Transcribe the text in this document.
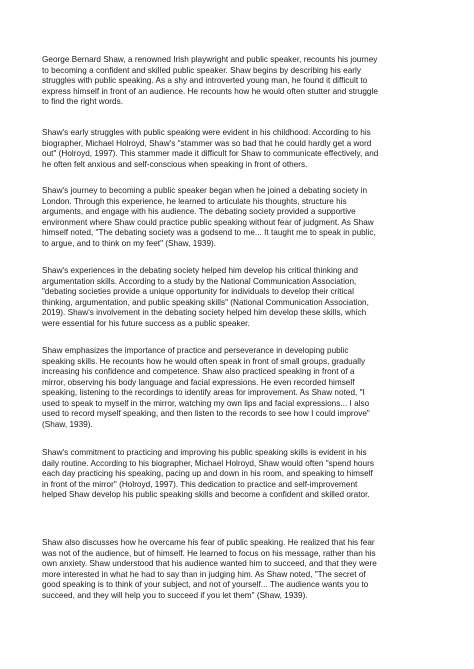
George Bernard Shaw, a renowned Irish playwright and public speaker, recounts his journey
to becoming a confident and skilled public speaker. Shaw begins by describing his early
struggles with public speaking. As a shy and introverted young man, he found it difficult to
express himself in front of an audience. He recounts how he would often stutter and struggle
to find the right words.
Shaw's early struggles with public speaking were evident in his childhood. According to his
biographer, Michael Holroyd, Shaw's "stammer was so bad that he could hardly get a word
out" (Holroyd, 1997). This stammer made it difficult for Shaw to communicate effectively, and
he often felt anxious and self-conscious when speaking in front of others.
Shaw's journey to becoming a public speaker began when he joined a debating society in
London. Through this experience, he learned to articulate his thoughts, structure his
arguments, and engage with his audience. The debating society provided a supportive
environment where Shaw could practice public speaking without fear of judgment. As Shaw
himself noted, "The debating society was a godsend to me... It taught me to speak in public,
to argue, and to think on my feet" (Shaw, 1939).
Shaw's experiences in the debating society helped him develop his critical thinking and
argumentation skills. According to a study by the National Communication Association,
"debating societies provide a unique opportunity for individuals to develop their critical
thinking, argumentation, and public speaking skills" (National Communication Association,
2019). Shaw's involvement in the debating society helped him develop these skills, which
were essential for his future success as a public speaker.
Shaw emphasizes the importance of practice and perseverance in developing public
speaking skills. He recounts how he would often speak in front of small groups, gradually
increasing his confidence and competence. Shaw also practiced speaking in front of a
mirror, observing his body language and facial expressions. He even recorded himself
speaking, listening to the recordings to identify areas for improvement. As Shaw noted, "I
used to speak to myself in the mirror, watching my own lips and facial expressions... I also
used to record myself speaking, and then listen to the records to see how I could improve"
(Shaw, 1939).
Shaw's commitment to practicing and improving his public speaking skills is evident in his
daily routine. According to his biographer, Michael Holroyd, Shaw would often "spend hours
each day practicing his speaking, pacing up and down in his room, and speaking to himself
in front of the mirror" (Holroyd, 1997). This dedication to practice and self-improvement
helped Shaw develop his public speaking skills and become a confident and skilled orator.
Shaw also discusses how he overcame his fear of public speaking. He realized that his fear
was not of the audience, but of himself. He learned to focus on his message, rather than his
own anxiety. Shaw understood that his audience wanted him to succeed, and that they were
more interested in what he had to say than in judging him. As Shaw noted, "The secret of
good speaking is to think of your subject, and not of yourself... The audience wants you to
succeed, and they will help you to succeed if you let them" (Shaw, 1939).
